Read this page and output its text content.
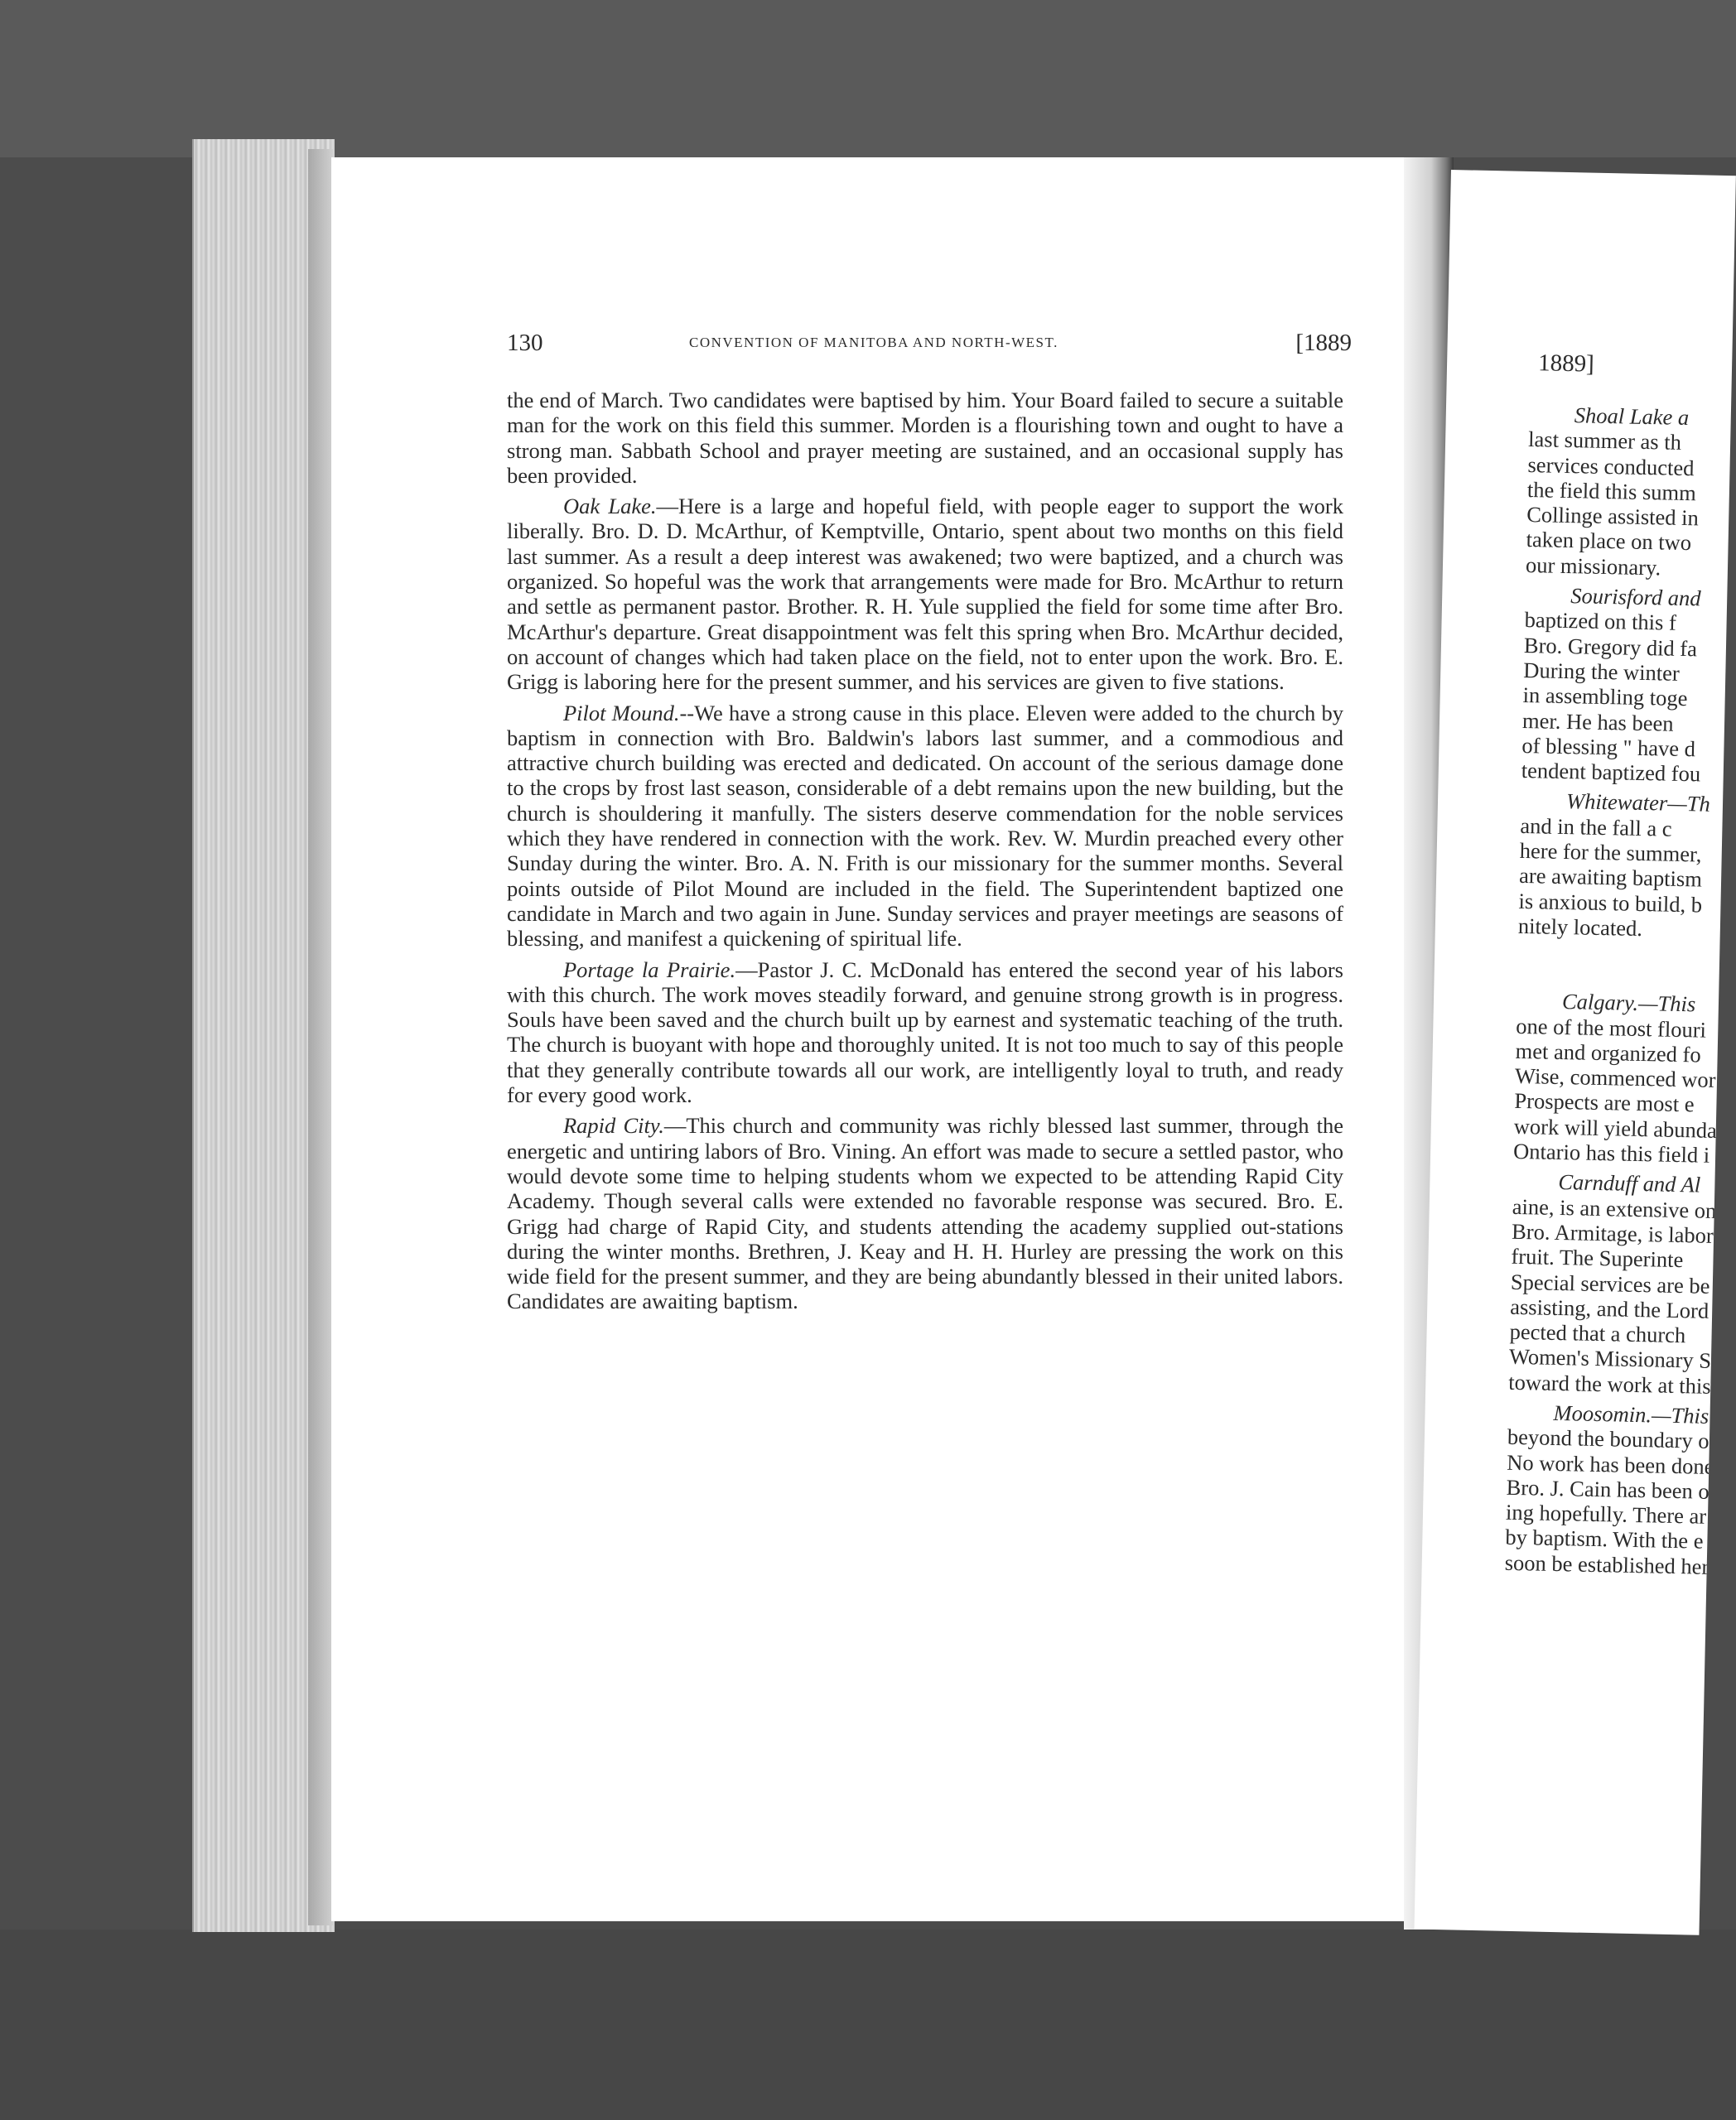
130	CONVENTION OF MANITOBA AND NORTH-WEST.	[1889

the end of March. Two candidates were baptised by him. Your Board failed to secure a suitable man for the work on this field this summer. Morden is a flourishing town and ought to have a strong man. Sabbath School and prayer meeting are sustained, and an occasional supply has been provided.

Oak Lake.—Here is a large and hopeful field, with people eager to support the work liberally. Bro. D. D. McArthur, of Kemptville, Ontario, spent about two months on this field last summer. As a result a deep interest was awakened; two were baptized, and a church was organized. So hopeful was the work that arrangements were made for Bro. McArthur to return and settle as permanent pastor. Brother. R. H. Yule supplied the field for some time after Bro. McArthur's departure. Great disappointment was felt this spring when Bro. McArthur decided, on account of changes which had taken place on the field, not to enter upon the work. Bro. E. Grigg is laboring here for the present summer, and his services are given to five stations.

Pilot Mound.--We have a strong cause in this place. Eleven were added to the church by baptism in connection with Bro. Baldwin's labors last summer, and a commodious and attractive church building was erected and dedicated. On account of the serious damage done to the crops by frost last season, considerable of a debt remains upon the new building, but the church is shouldering it manfully. The sisters deserve commendation for the noble services which they have rendered in connection with the work. Rev. W. Murdin preached every other Sunday during the winter. Bro. A. N. Frith is our missionary for the summer months. Several points outside of Pilot Mound are included in the field. The Superintendent baptized one candidate in March and two again in June. Sunday services and prayer meetings are seasons of blessing, and manifest a quickening of spiritual life.

Portage la Prairie.—Pastor J. C. McDonald has entered the second year of his labors with this church. The work moves steadily forward, and genuine strong growth is in progress. Souls have been saved and the church built up by earnest and systematic teaching of the truth. The church is buoyant with hope and thoroughly united. It is not too much to say of this people that they generally contribute towards all our work, are intelligently loyal to truth, and ready for every good work.

Rapid City.—This church and community was richly blessed last summer, through the energetic and untiring labors of Bro. Vining. An effort was made to secure a settled pastor, who would devote some time to helping students whom we expected to be attending Rapid City Academy. Though several calls were extended no favorable response was secured. Bro. E. Grigg had charge of Rapid City, and students attending the academy supplied out-stations during the winter months. Brethren, J. Keay and H. H. Hurley are pressing the work on this wide field for the present summer, and they are being abundantly blessed in their united labors. Candidates are awaiting baptism.

1889]
Shoal Lake a
last summer as th
services conducted
the field this summ
Collinge assisted in
taken place on two
our missionary.
Sourisford and
baptized on this f
Bro. Gregory did fa
During the winter
in assembling toge
mer. He has been
of blessing " have d
tendent baptized fou
Whitewater—Th
and in the fall a c
here for the summer,
are awaiting baptism
is anxious to build, b
nitely located.
Calgary.—This
one of the most flouri
met and organized fo
Wise, commenced wor
Prospects are most e
work will yield abunda
Ontario has this field i
Carnduff and Al
aine, is an extensive on
Bro. Armitage, is labor
fruit. The Superinte
Special services are be
assisting, and the Lord
pected that a church
Women's Missionary S
toward the work at this
Moosomin.—This i
beyond the boundary of
No work has been done
Bro. J. Cain has been on
ing hopefully. There ar
by baptism. With the e
soon be established here
